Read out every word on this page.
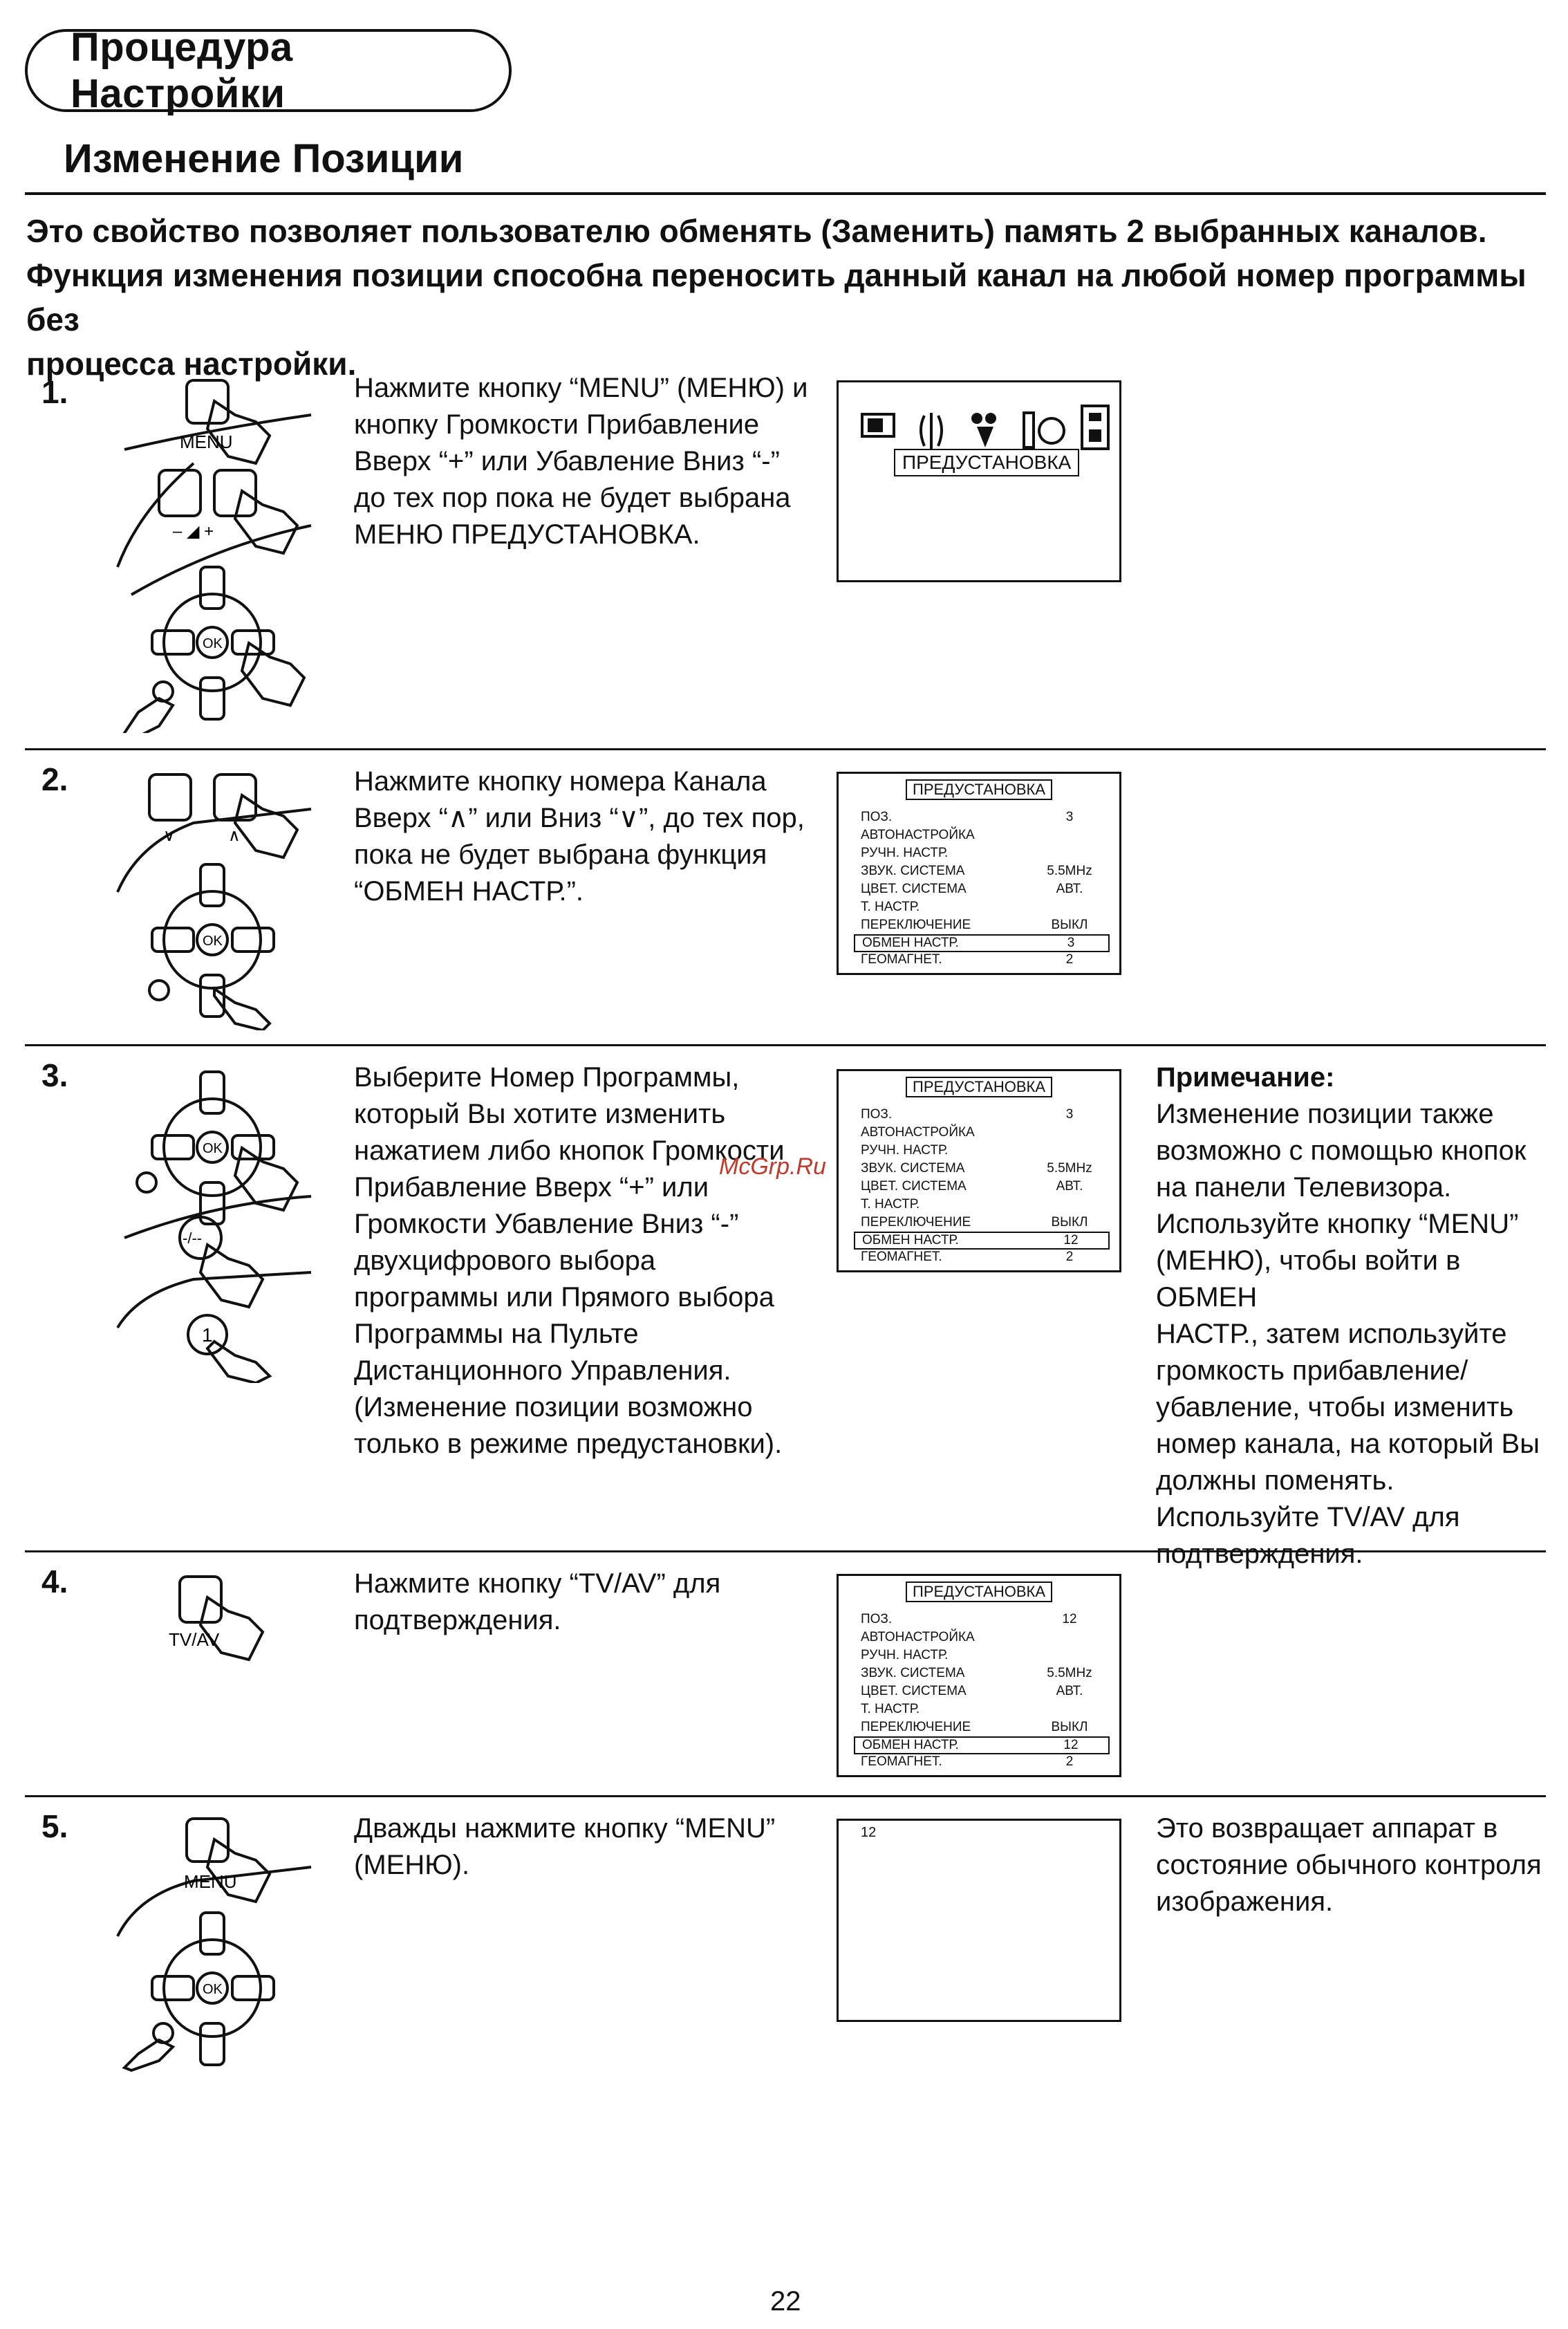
Процедура Настройки
Изменение Позиции
Это свойство позволяет пользователю обменять (Заменить) память 2 выбранных каналов.
Функция изменения позиции способна переносить данный канал на любой номер программы без
процесса настройки.
1.
MENU
– ◢ +
OK
Нажмите кнопку “MENU” (МЕНЮ) и
кнопку Громкости Прибавление
Вверх “+” или Убавление Вниз “-”
до тех пор пока не будет выбрана
МЕНЮ ПРЕДУСТАНОВКА.
ПРЕДУСТАНОВКА
2.
∨	∧
OK
Нажмите кнопку номера Канала
Вверх “∧” или Вниз “∨”, до тех пор,
пока не будет выбрана функция
“ОБМЕН НАСТР.”.
ПРЕДУСТАНОВКА
ПОЗ.	3
АВТОНАСТРОЙКА
РУЧН. НАСТР.
ЗВУК. СИСТЕМА	5.5MHz
ЦВЕТ. СИСТЕМА	АВТ.
Т. НАСТР.
ПЕРЕКЛЮЧЕНИЕ	ВЫКЛ
ОБМЕН НАСТР.	3
ГЕОМАГНЕТ.	2
3.
OK
-/--
1
Выберите Номер Программы,
который Вы хотите изменить
нажатием либо кнопок Громкости
Прибавление Вверх “+” или
Громкости Убавление Вниз “-”
двухцифрового выбора
программы или Прямого выбора
Программы на Пульте
Дистанционного Управления.
(Изменение позиции возможно
только в режиме предустановки).
ПРЕДУСТАНОВКА
ПОЗ.	3
АВТОНАСТРОЙКА
РУЧН. НАСТР.
ЗВУК. СИСТЕМА	5.5MHz
ЦВЕТ. СИСТЕМА	АВТ.
Т. НАСТР.
ПЕРЕКЛЮЧЕНИЕ	ВЫКЛ
ОБМЕН НАСТР.	12
ГЕОМАГНЕТ.	2
Примечание:
Изменение позиции также
возможно с помощью кнопок
на панели Телевизора.
Используйте кнопку “MENU”
(МЕНЮ), чтобы войти в ОБМЕН
НАСТР., затем используйте
громкость прибавление/
убавление, чтобы изменить
номер канала, на который Вы
должны поменять.
Используйте TV/AV для
подтверждения.
4.
TV/AV
Нажмите кнопку “TV/AV” для
подтверждения.
ПРЕДУСТАНОВКА
ПОЗ.	12
АВТОНАСТРОЙКА
РУЧН. НАСТР.
ЗВУК. СИСТЕМА	5.5MHz
ЦВЕТ. СИСТЕМА	АВТ.
Т. НАСТР.
ПЕРЕКЛЮЧЕНИЕ	ВЫКЛ
ОБМЕН НАСТР.	12
ГЕОМАГНЕТ.	2
5.
MENU
OK
Дважды нажмите кнопку “MENU”
(МЕНЮ).
12	Это возвращает аппарат в
состояние обычного контроля
изображения.
McGrp.Ru
22
